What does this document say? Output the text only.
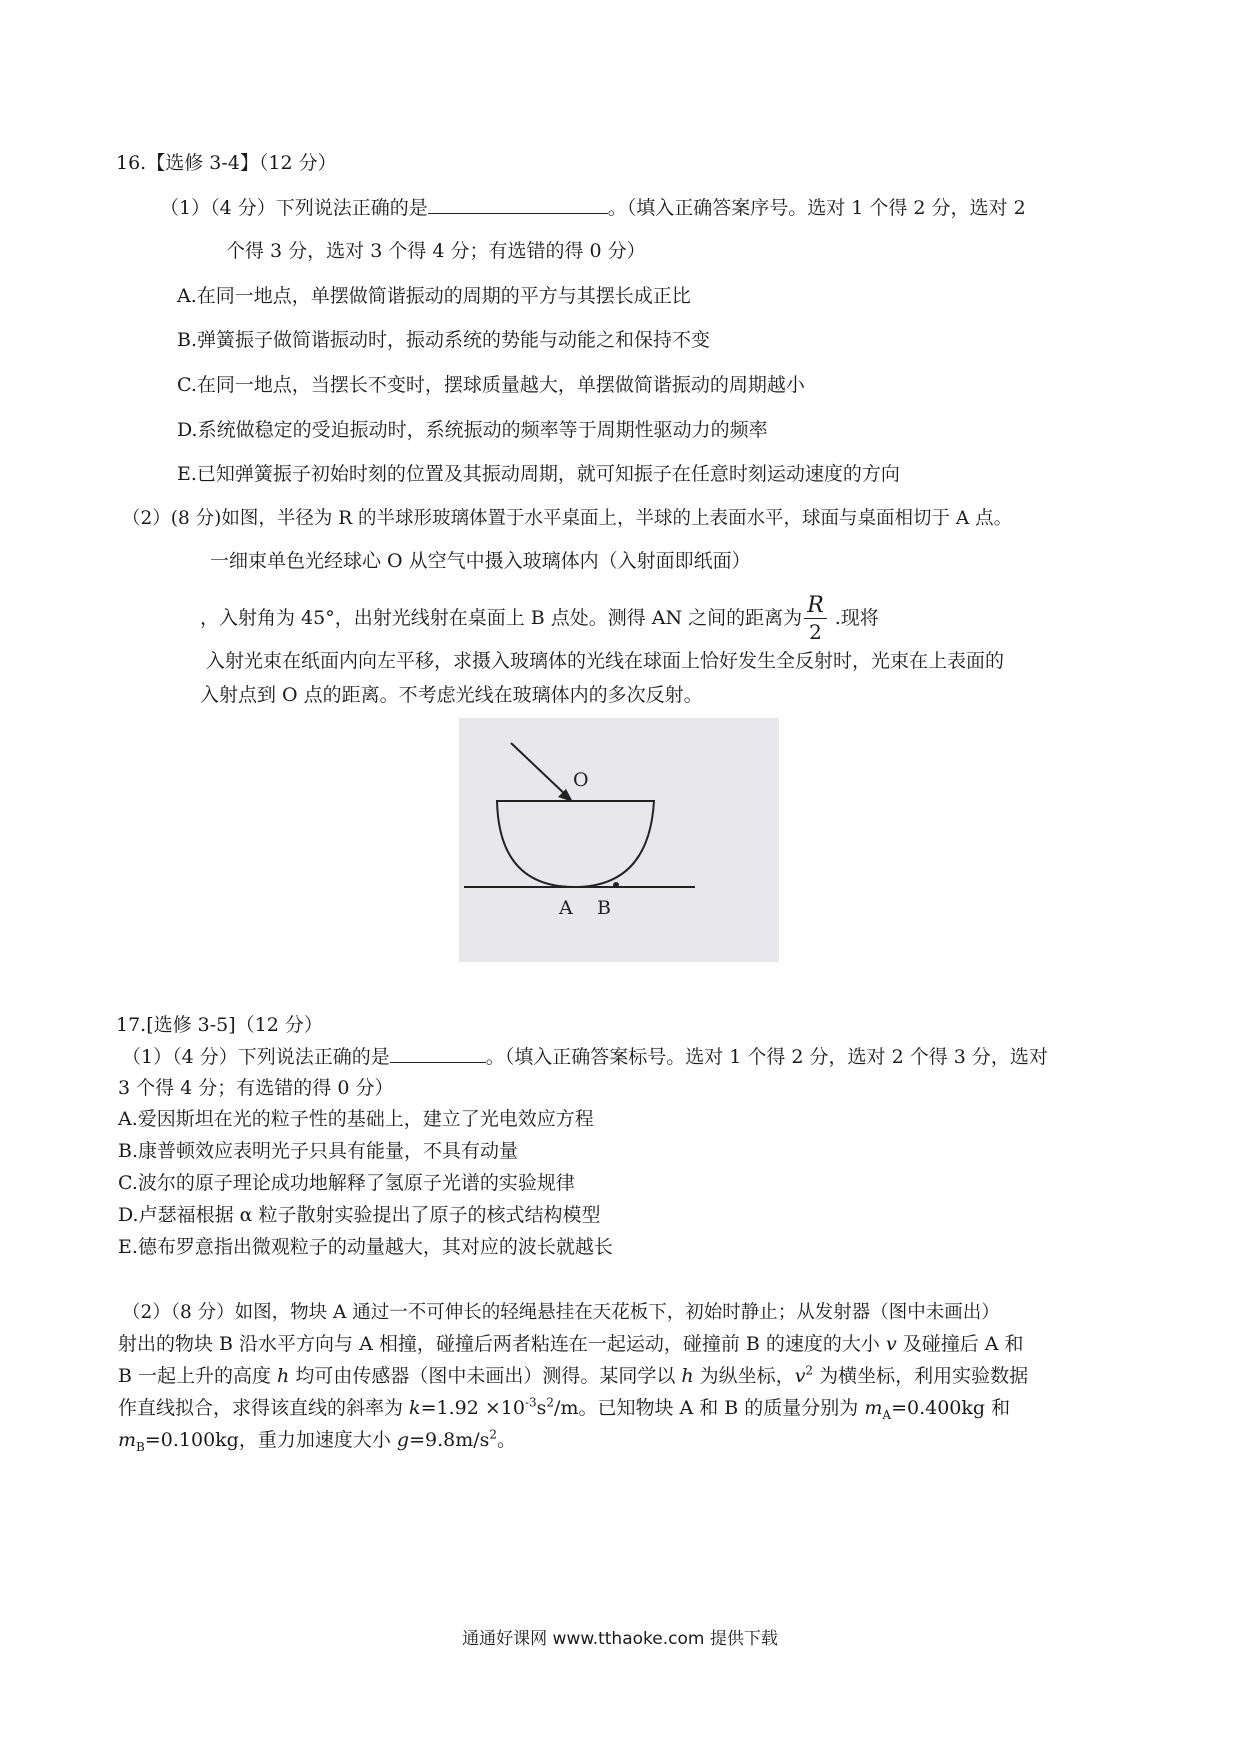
16.【选修 3-4】（12 分）
（1）（4 分）下列说法正确的是	。（填入正确答案序号。选对 1 个得 2 分，选对 2
个得 3 分，选对 3 个得 4 分；有选错的得 0 分）
A.在同一地点，单摆做简谐振动的周期的平方与其摆长成正比
B.弹簧振子做简谐振动时，振动系统的势能与动能之和保持不变
C.在同一地点，当摆长不变时，摆球质量越大，单摆做简谐振动的周期越小
D.系统做稳定的受迫振动时，系统振动的频率等于周期性驱动力的频率
E.已知弹簧振子初始时刻的位置及其振动周期，就可知振子在任意时刻运动速度的方向
（2）(8 分)如图，半径为 R 的半球形玻璃体置于水平桌面上，半球的上表面水平，球面与桌面相切于 A 点。
一细束单色光经球心 O 从空气中摄入玻璃体内（入射面即纸面）
，入射角为 45°，出射光线射在桌面上 B 点处。测得 AN 之间的距离为 $\frac{R}{2}$ .现将
入射光束在纸面内向左平移，求摄入玻璃体的光线在球面上恰好发生全反射时，光束在上表面的
入射点到 O 点的距离。不考虑光线在玻璃体内的多次反射。
O
A B
17.[选修 3-5]（12 分）
（1）（4 分）下列说法正确的是	。（填入正确答案标号。选对 1 个得 2 分，选对 2 个得 3 分，选对
3 个得 4 分；有选错的得 0 分）
A.爱因斯坦在光的粒子性的基础上，建立了光电效应方程
B.康普顿效应表明光子只具有能量，不具有动量
C.波尔的原子理论成功地解释了氢原子光谱的实验规律
D.卢瑟福根据 α 粒子散射实验提出了原子的核式结构模型
E.德布罗意指出微观粒子的动量越大，其对应的波长就越长
（2）（8 分）如图，物块 A 通过一不可伸长的轻绳悬挂在天花板下，初始时静止；从发射器（图中未画出）
射出的物块 B 沿水平方向与 A 相撞，碰撞后两者粘连在一起运动，碰撞前 B 的速度的大小 v 及碰撞后 A 和
B 一起上升的高度 h 均可由传感器（图中未画出）测得。某同学以 h 为纵坐标，$v^2$ 为横坐标，利用实验数据
作直线拟合，求得该直线的斜率为 $k=1.92 \times 10^{-3}s^2/m$。已知物块 A 和 B 的质量分别为 $m_A=0.400kg$ 和
$m_B=0.100kg$，重力加速度大小 $g=9.8m/s^2$。
通通好课网 www.tthaoke.com 提供下载
